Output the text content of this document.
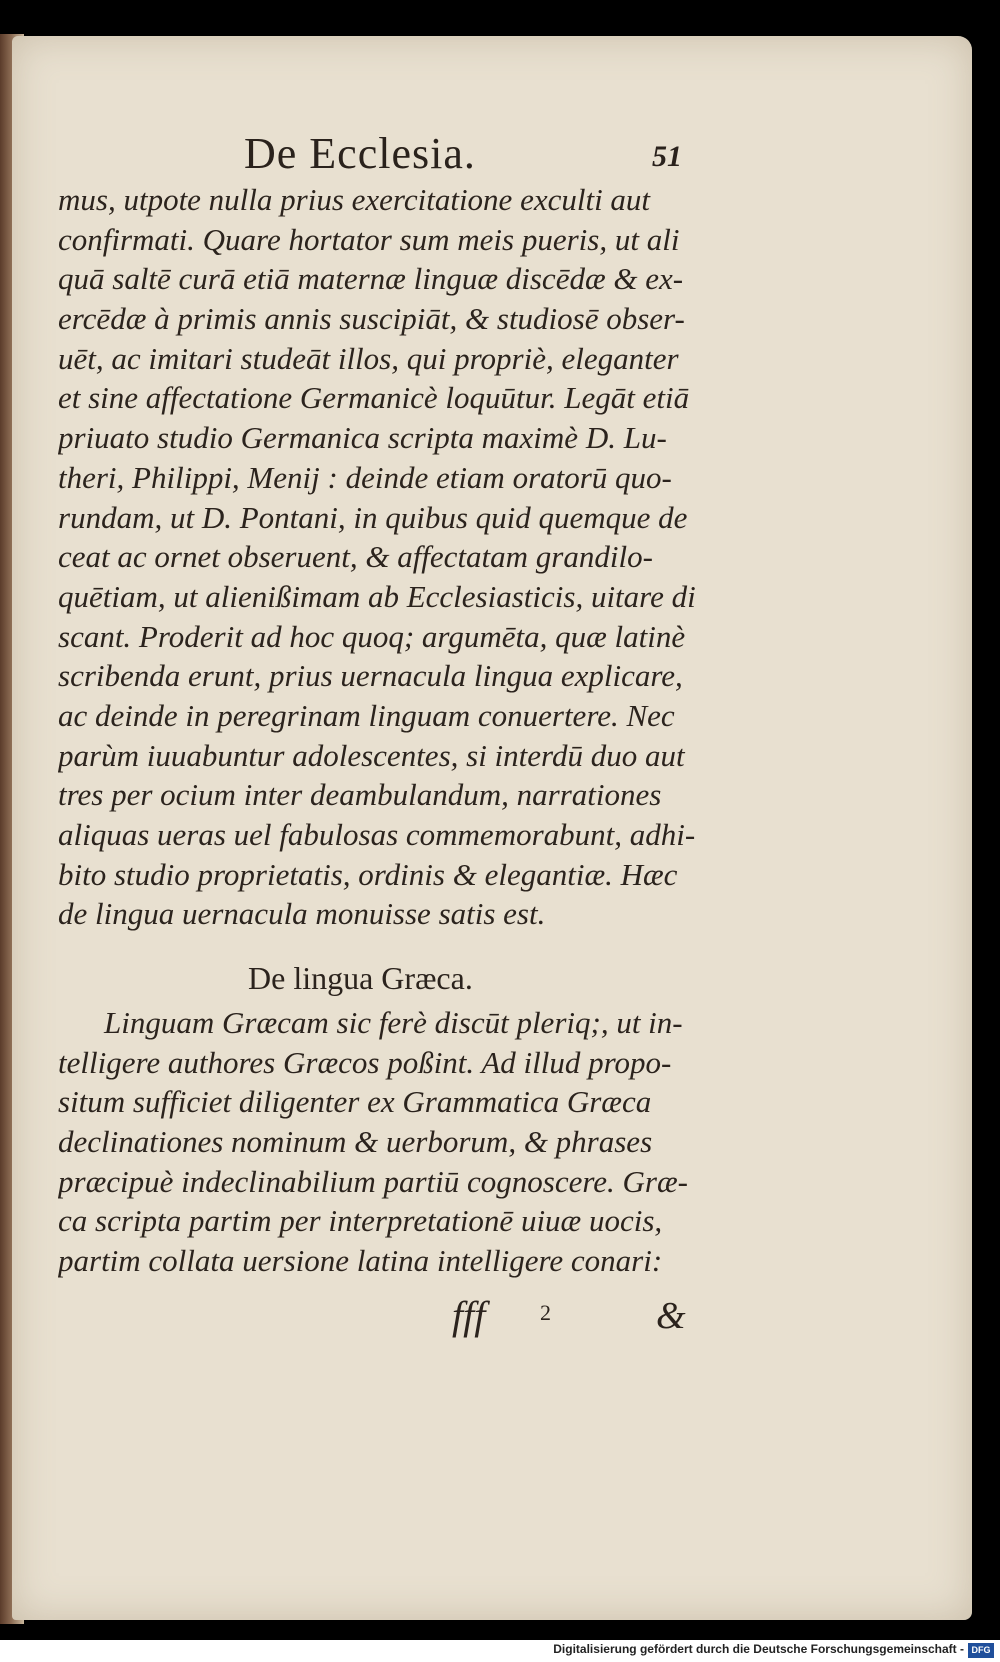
De Ecclesia.	51
mus, utpote nulla prius exercitatione exculti aut
confirmati. Quare hortator sum meis pueris, ut ali
quā saltē curā etiā maternæ linguæ discēdæ & ex-
ercēdæ à primis annis suscipiāt, & studiosē obser-
uēt, ac imitari studeāt illos, qui propriè, eleganter
et sine affectatione Germanicè loquūtur. Legāt etiā
priuato studio Germanica scripta maximè D. Lu-
theri, Philippi, Menij : deinde etiam oratorū quo-
rundam, ut D. Pontani, in quibus quid quemque de
ceat ac ornet obseruent, & affectatam grandilo-
quētiam, ut alienißimam ab Ecclesiasticis, uitare di
scant. Proderit ad hoc quoq; argumēta, quæ latinè
scribenda erunt, prius uernacula lingua explicare,
ac deinde in peregrinam linguam conuertere. Nec
parùm iuuabuntur adolescentes, si interdū duo aut
tres per ocium inter deambulandum, narrationes
aliquas ueras uel fabulosas commemorabunt, adhi-
bito studio proprietatis, ordinis & elegantiæ. Hæc
de lingua uernacula monuisse satis est.
De lingua Græca.
Linguam Græcam sic ferè discūt pleriq;, ut in-
telligere authores Græcos poßint. Ad illud propo-
situm sufficiet diligenter ex Grammatica Græca
declinationes nominum & uerborum, & phrases
præcipuè indeclinabilium partiū cognoscere. Græ-
ca scripta partim per interpretationē uiuæ uocis,
partim collata uersione latina intelligere conari:
fff 2	&
Digitalisierung gefördert durch die Deutsche Forschungsgemeinschaft - DFG
